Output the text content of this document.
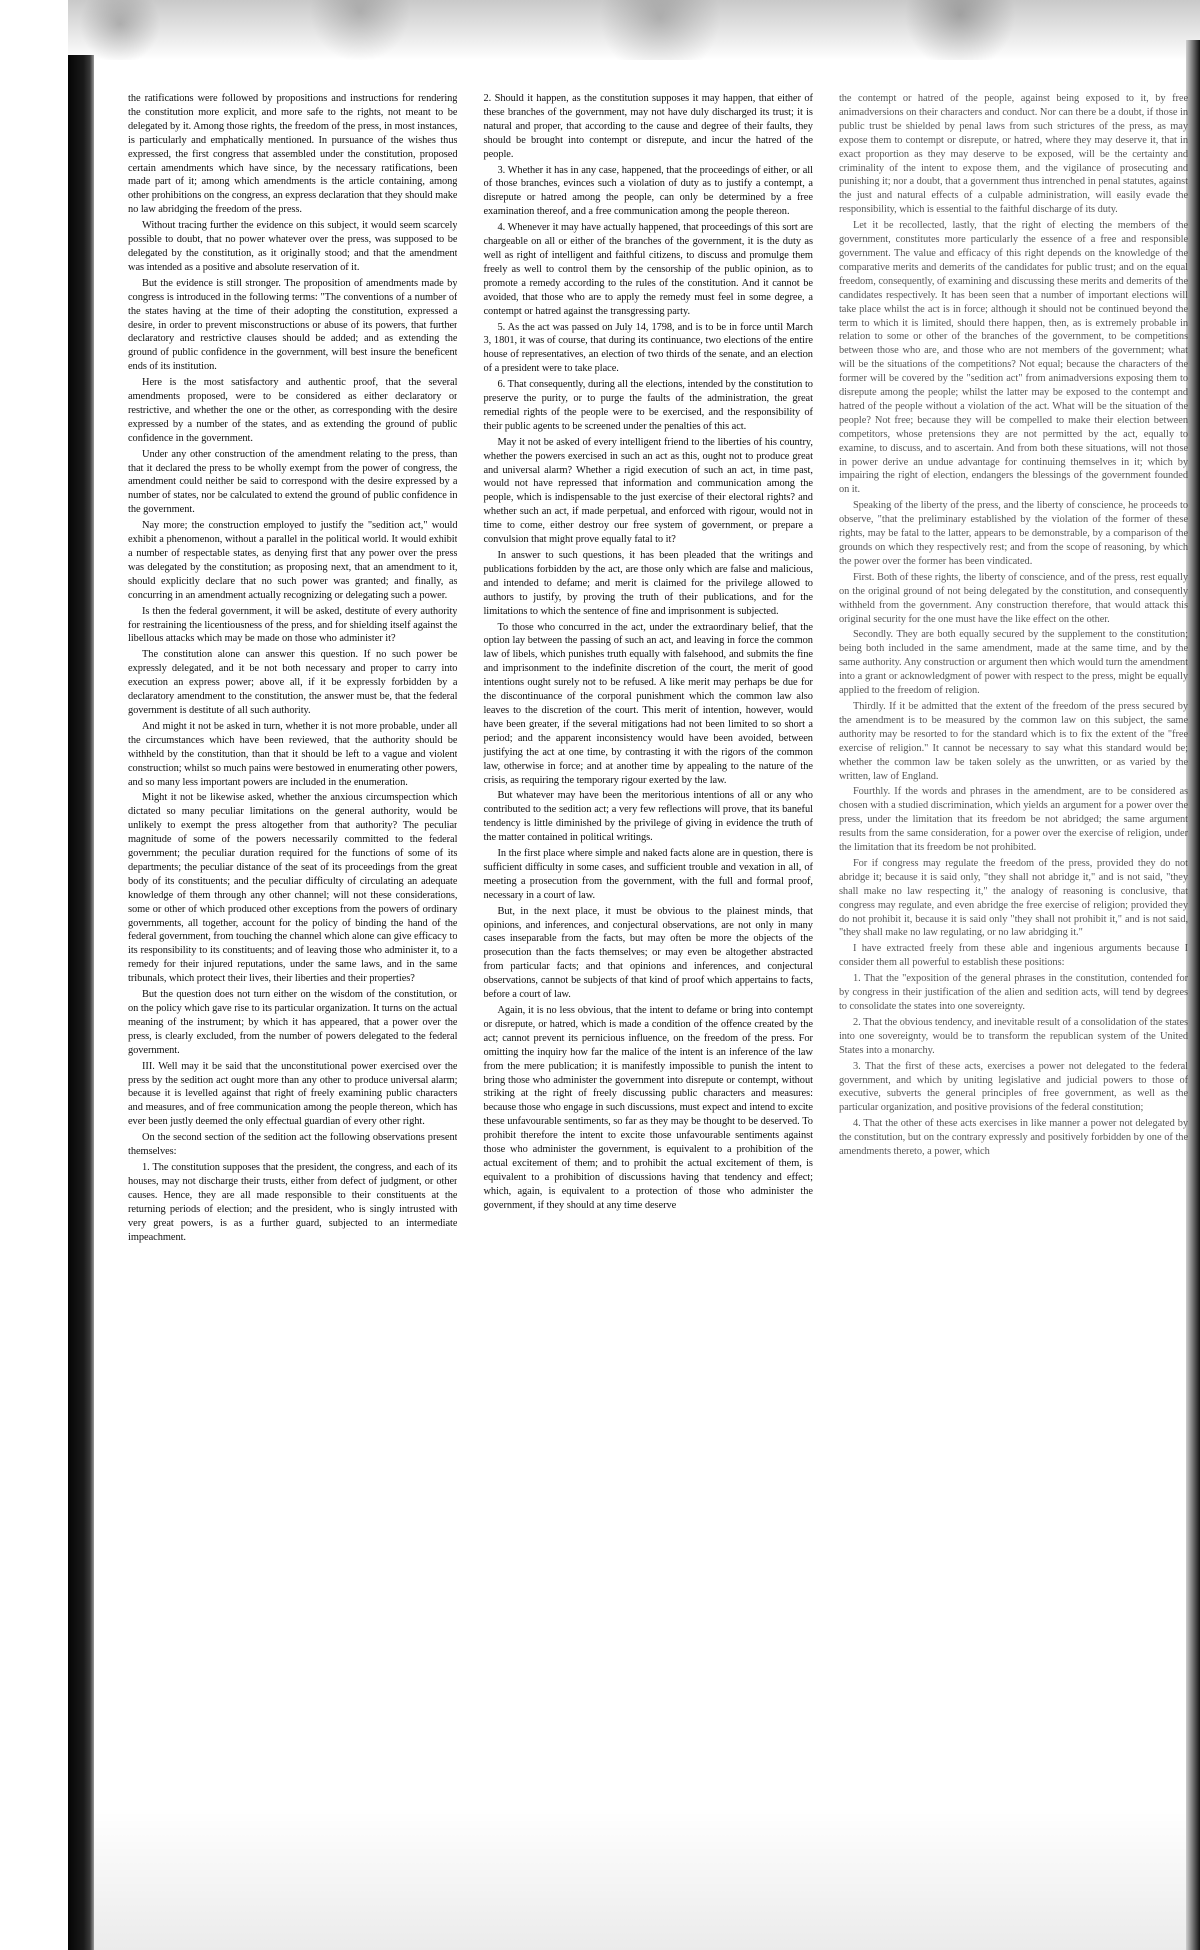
the ratifications were followed by propositions and instructions for rendering the constitution more explicit, and more safe to the rights, not meant to be delegated by it. Among those rights, the freedom of the press, in most instances, is particularly and emphatically mentioned. In pursuance of the wishes thus expressed, the first congress that assembled under the constitution, proposed certain amendments which have since, by the necessary ratifications, been made part of it; among which amendments is the article containing, among other prohibitions on the congress, an express declaration that they should make no law abridging the freedom of the press.

Without tracing further the evidence on this subject, it would seem scarcely possible to doubt, that no power whatever over the press, was supposed to be delegated by the constitution, as it originally stood; and that the amendment was intended as a positive and absolute reservation of it.

But the evidence is still stronger. The proposition of amendments made by congress is introduced in the following terms: "The conventions of a number of the states having at the time of their adopting the constitution, expressed a desire, in order to prevent misconstructions or abuse of its powers, that further declaratory and restrictive clauses should be added; and as extending the ground of public confidence in the government, will best insure the beneficent ends of its institution.

Here is the most satisfactory and authentic proof, that the several amendments proposed, were to be considered as either declaratory or restrictive, and whether the one or the other, as corresponding with the desire expressed by a number of the states, and as extending the ground of public confidence in the government.

Under any other construction of the amendment relating to the press, than that it declared the press to be wholly exempt from the power of congress, the amendment could neither be said to correspond with the desire expressed by a number of states, nor be calculated to extend the ground of public confidence in the government.

Nay more; the construction employed to justify the "sedition act," would exhibit a phenomenon, without a parallel in the political world. It would exhibit a number of respectable states, as denying first that any power over the press was delegated by the constitution; as proposing next, that an amendment to it, should explicitly declare that no such power was granted; and finally, as concurring in an amendment actually recognizing or delegating such a power.

Is then the federal government, it will be asked, destitute of every authority for restraining the licentiousness of the press, and for shielding itself against the libellous attacks which may be made on those who administer it?

The constitution alone can answer this question. If no such power be expressly delegated, and it be not both necessary and proper to carry into execution an express power; above all, if it be expressly forbidden by a declaratory amendment to the constitution, the answer must be, that the federal government is destitute of all such authority.

And might it not be asked in turn, whether it is not more probable, under all the circumstances which have been reviewed, that the authority should be withheld by the constitution, than that it should be left to a vague and violent construction; whilst so much pains were bestowed in enumerating other powers, and so many less important powers are included in the enumeration.

Might it not be likewise asked, whether the anxious circumspection which dictated so many peculiar limitations on the general authority, would be unlikely to exempt the press altogether from that authority? The peculiar magnitude of some of the powers necessarily committed to the federal government; the peculiar duration required for the functions of some of its departments; the peculiar distance of the seat of its proceedings from the great body of its constituents; and the peculiar difficulty of circulating an adequate knowledge of them through any other channel; will not these considerations, some or other of which produced other exceptions from the powers of ordinary governments, all together, account for the policy of binding the hand of the federal government, from touching the channel which alone can give efficacy to its responsibility to its constituents; and of leaving those who administer it, to a remedy for their injured reputations, under the same laws, and in the same tribunals, which protect their lives, their liberties and their properties?

But the question does not turn either on the wisdom of the constitution, or on the policy which gave rise to its particular organization. It turns on the actual meaning of the instrument; by which it has appeared, that a power over the press, is clearly excluded, from the number of powers delegated to the federal government.

III. Well may it be said that the unconstitutional power exercised over the press by the sedition act ought more than any other to produce universal alarm; because it is levelled against that right of freely examining public characters and measures, and of free communication among the people thereon, which has ever been justly deemed the only effectual guardian of every other right.

On the second section of the sedition act the following observations present themselves:

1. The constitution supposes that the president, the congress, and each of its houses, may not discharge their trusts, either from defect of judgment, or other causes. Hence, they are all made responsible to their constituents at the returning periods of election; and the president, who is singly intrusted with very great powers, is as a further guard, subjected to an intermediate impeachment.

2. Should it happen, as the constitution supposes it may happen, that either of these branches of the government, may not have duly discharged its trust; it is natural and proper, that according to the cause and degree of their faults, they should be brought into contempt or disrepute, and incur the hatred of the people.

3. Whether it has in any case, happened, that the proceedings of either, or all of those branches, evinces such a violation of duty as to justify a contempt, a disrepute or hatred among the people, can only be determined by a free examination thereof, and a free communication among the people thereon.

4. Whenever it may have actually happened, that proceedings of this sort are chargeable on all or either of the branches of the government, it is the duty as well as right of intelligent and faithful citizens, to discuss and promulge them freely as well to control them by the censorship of the public opinion, as to promote a remedy according to the rules of the constitution. And it cannot be avoided, that those who are to apply the remedy must feel in some degree, a contempt or hatred against the transgressing party.

5. As the act was passed on July 14, 1798, and is to be in force until March 3, 1801, it was of course, that during its continuance, two elections of the entire house of representatives, an election of two thirds of the senate, and an election of a president were to take place.

6. That consequently, during all the elections, intended by the constitution to preserve the purity, or to purge the faults of the administration, the great remedial rights of the people were to be exercised, and the responsibility of their public agents to be screened under the penalties of this act.

May it not be asked of every intelligent friend to the liberties of his country, whether the powers exercised in such an act as this, ought not to produce great and universal alarm? Whether a rigid execution of such an act, in time past, would not have repressed that information and communication among the people, which is indispensable to the just exercise of their electoral rights? and whether such an act, if made perpetual, and enforced with rigour, would not in time to come, either destroy our free system of government, or prepare a convulsion that might prove equally fatal to it?

In answer to such questions, it has been pleaded that the writings and publications forbidden by the act, are those only which are false and malicious, and intended to defame; and merit is claimed for the privilege allowed to authors to justify, by proving the truth of their publications, and for the limitations to which the sentence of fine and imprisonment is subjected.

To those who concurred in the act, under the extraordinary belief, that the option lay between the passing of such an act, and leaving in force the common law of libels, which punishes truth equally with falsehood, and submits the fine and imprisonment to the indefinite discretion of the court, the merit of good intentions ought surely not to be refused. A like merit may perhaps be due for the discontinuance of the corporal punishment which the common law also leaves to the discretion of the court. This merit of intention, however, would have been greater, if the several mitigations had not been limited to so short a period; and the apparent inconsistency would have been avoided, between justifying the act at one time, by contrasting it with the rigors of the common law, otherwise in force; and at another time by appealing to the nature of the crisis, as requiring the temporary rigour exerted by the law.

But whatever may have been the meritorious intentions of all or any who contributed to the sedition act; a very few reflections will prove, that its baneful tendency is little diminished by the privilege of giving in evidence the truth of the matter contained in political writings.

In the first place where simple and naked facts alone are in question, there is sufficient difficulty in some cases, and sufficient trouble and vexation in all, of meeting a prosecution from the government, with the full and formal proof, necessary in a court of law.

But, in the next place, it must be obvious to the plainest minds, that opinions, and inferences, and conjectural observations, are not only in many cases inseparable from the facts, but may often be more the objects of the prosecution than the facts themselves; or may even be altogether abstracted from particular facts; and that opinions and inferences, and conjectural observations, cannot be subjects of that kind of proof which appertains to facts, before a court of law.

Again, it is no less obvious, that the intent to defame or bring into contempt or disrepute, or hatred, which is made a condition of the offence created by the act; cannot prevent its pernicious influence, on the freedom of the press. For omitting the inquiry how far the malice of the intent is an inference of the law from the mere publication; it is manifestly impossible to punish the intent to bring those who administer the government into disrepute or contempt, without striking at the right of freely discussing public characters and measures: because those who engage in such discussions, must expect and intend to excite these unfavourable sentiments, so far as they may be thought to be deserved. To prohibit therefore the intent to excite those unfavourable sentiments against those who administer the government, is equivalent to a prohibition of the actual excitement of them; and to prohibit the actual excitement of them, is equivalent to a prohibition of discussions having that tendency and effect; which, again, is equivalent to a protection of those who administer the government, if they should at any time deserve

the contempt or hatred of the people, against being exposed to it, by free animadversions on their characters and conduct. Nor can there be a doubt, if those in public trust be shielded by penal laws from such strictures of the press, as may expose them to contempt or disrepute, or hatred, where they may deserve it, that in exact proportion as they may deserve to be exposed, will be the certainty and criminality of the intent to expose them, and the vigilance of prosecuting and punishing it; nor a doubt, that a government thus intrenched in penal statutes, against the just and natural effects of a culpable administration, will easily evade the responsibility, which is essential to the faithful discharge of its duty.

Let it be recollected, lastly, that the right of electing the members of the government, constitutes more particularly the essence of a free and responsible government. The value and efficacy of this right depends on the knowledge of the comparative merits and demerits of the candidates for public trust; and on the equal freedom, consequently, of examining and discussing these merits and demerits of the candidates respectively. It has been seen that a number of important elections will take place whilst the act is in force; although it should not be continued beyond the term to which it is limited, should there happen, then, as is extremely probable in relation to some or other of the branches of the government, to be competitions between those who are, and those who are not members of the government; what will be the situations of the competitions? Not equal; because the characters of the former will be covered by the "sedition act" from animadversions exposing them to disrepute among the people; whilst the latter may be exposed to the contempt and hatred of the people without a violation of the act. What will be the situation of the people? Not free; because they will be compelled to make their election between competitors, whose pretensions they are not permitted by the act, equally to examine, to discuss, and to ascertain. And from both these situations, will not those in power derive an undue advantage for continuing themselves in it; which by impairing the right of election, endangers the blessings of the government founded on it.

Speaking of the liberty of the press, and the liberty of conscience, he proceeds to observe, "that the preliminary established by the violation of the former of these rights, may be fatal to the latter, appears to be demonstrable, by a comparison of the grounds on which they respectively rest; and from the scope of reasoning, by which the power over the former has been vindicated.

First. Both of these rights, the liberty of conscience, and of the press, rest equally on the original ground of not being delegated by the constitution, and consequently withheld from the government. Any construction therefore, that would attack this original security for the one must have the like effect on the other.

Secondly. They are both equally secured by the supplement to the constitution; being both included in the same amendment, made at the same time, and by the same authority. Any construction or argument then which would turn the amendment into a grant or acknowledgment of power with respect to the press, might be equally applied to the freedom of religion.

Thirdly. If it be admitted that the extent of the freedom of the press secured by the amendment is to be measured by the common law on this subject, the same authority may be resorted to for the standard which is to fix the extent of the "free exercise of religion." It cannot be necessary to say what this standard would be; whether the common law be taken solely as the unwritten, or as varied by the written, law of England.

Fourthly. If the words and phrases in the amendment, are to be considered as chosen with a studied discrimination, which yields an argument for a power over the press, under the limitation that its freedom be not abridged; the same argument results from the same consideration, for a power over the exercise of religion, under the limitation that its freedom be not prohibited.

For if congress may regulate the freedom of the press, provided they do not abridge it; because it is said only, "they shall not abridge it," and is not said, "they shall make no law respecting it," the analogy of reasoning is conclusive, that congress may regulate, and even abridge the free exercise of religion; provided they do not prohibit it, because it is said only "they shall not prohibit it," and is not said, "they shall make no law regulating, or no law abridging it."

I have extracted freely from these able and ingenious arguments because I consider them all powerful to establish these positions:

1. That the "exposition of the general phrases in the constitution, contended for by congress in their justification of the alien and sedition acts, will tend by degrees to consolidate the states into one sovereignty.

2. That the obvious tendency, and inevitable result of a consolidation of the states into one sovereignty, would be to transform the republican system of the United States into a monarchy.

3. That the first of these acts, exercises a power not delegated to the federal government, and which by uniting legislative and judicial powers to those of executive, subverts the general principles of free government, as well as the particular organization, and positive provisions of the federal constitution;

4. That the other of these acts exercises in like manner a power not delegated by the constitution, but on the contrary expressly and positively forbidden by one of the amendments thereto, a power, which
